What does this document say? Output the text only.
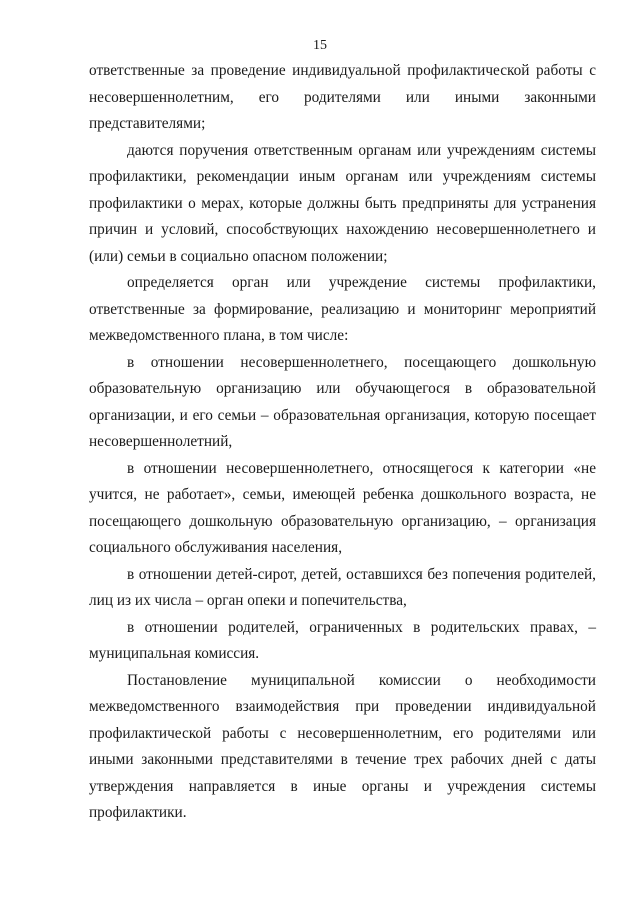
15

ответственные за проведение индивидуальной профилактической работы с несовершеннолетним, его родителями или иными законными представителями;

даются поручения ответственным органам или учреждениям системы профилактики, рекомендации иным органам или учреждениям системы профилактики о мерах, которые должны быть предприняты для устранения причин и условий, способствующих нахождению несовершеннолетнего и (или) семьи в социально опасном положении;

определяется орган или учреждение системы профилактики, ответственные за формирование, реализацию и мониторинг мероприятий межведомственного плана, в том числе:

в отношении несовершеннолетнего, посещающего дошкольную образовательную организацию или обучающегося в образовательной организации, и его семьи – образовательная организация, которую посещает несовершеннолетний,

в отношении несовершеннолетнего, относящегося к категории «не учится, не работает», семьи, имеющей ребенка дошкольного возраста, не посещающего дошкольную образовательную организацию, – организация социального обслуживания населения,

в отношении детей-сирот, детей, оставшихся без попечения родителей, лиц из их числа – орган опеки и попечительства,

в отношении родителей, ограниченных в родительских правах, – муниципальная комиссия.

Постановление муниципальной комиссии о необходимости межведомственного взаимодействия при проведении индивидуальной профилактической работы с несовершеннолетним, его родителями или иными законными представителями в течение трех рабочих дней с даты утверждения направляется в иные органы и учреждения системы профилактики.
